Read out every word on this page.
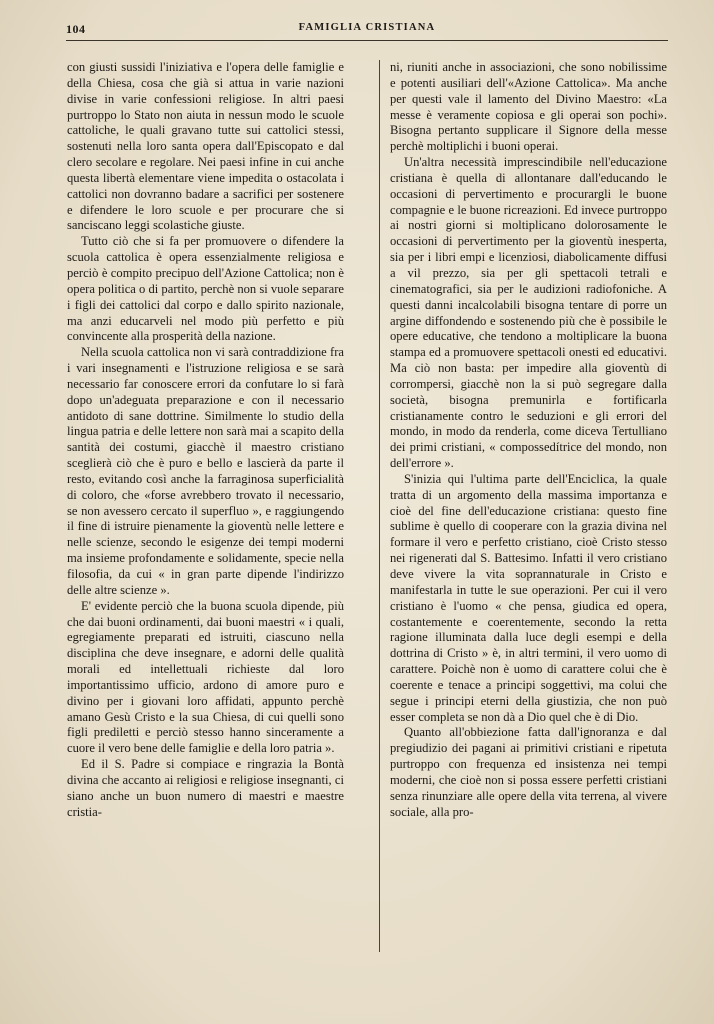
104	FAMIGLIA CRISTIANA

con giusti sussidi l'iniziativa e l'opera delle famiglie e della Chiesa, cosa che già si attua in varie nazioni divise in varie confessioni religiose. In altri paesi purtroppo lo Stato non aiuta in nessun modo le scuole cattoliche, le quali gravano tutte sui cattolici stessi, sostenuti nella loro santa opera dall'Episcopato e dal clero secolare e regolare. Nei paesi infine in cui anche questa libertà elementare viene impedita o ostacolata i cattolici non dovranno badare a sacrifici per sostenere e difendere le loro scuole e per procurare che si sanciscano leggi scolastiche giuste.

Tutto ciò che si fa per promuovere o difendere la scuola cattolica è opera essenzialmente religiosa e perciò è compito precipuo dell'Azione Cattolica; non è opera politica o di partito, perchè non si vuole separare i figli dei cattolici dal corpo e dallo spirito nazionale, ma anzi educarveli nel modo più perfetto e più convincente alla prosperità della nazione.

Nella scuola cattolica non vi sarà contraddizione fra i vari insegnamenti e l'istruzione religiosa e se sarà necessario far conoscere errori da confutare lo si farà dopo un'adeguata preparazione e con il necessario antidoto di sane dottrine. Similmente lo studio della lingua patria e delle lettere non sarà mai a scapito della santità dei costumi, giacchè il maestro cristiano sceglierà ciò che è puro e bello e lascierà da parte il resto, evitando così anche la farraginosa superficialità di coloro, che «forse avrebbero trovato il necessario, se non avessero cercato il superfluo », e raggiungendo il fine di istruire pienamente la gioventù nelle lettere e nelle scienze, secondo le esigenze dei tempi moderni ma insieme profondamente e solidamente, specie nella filosofia, da cui « in gran parte dipende l'indirizzo delle altre scienze ».

E' evidente perciò che la buona scuola dipende, più che dai buoni ordinamenti, dai buoni maestri « i quali, egregiamente preparati ed istruiti, ciascuno nella disciplina che deve insegnare, e adorni delle qualità morali ed intellettuali richieste dal loro importantissimo ufficio, ardono di amore puro e divino per i giovani loro affidati, appunto perchè amano Gesù Cristo e la sua Chiesa, di cui quelli sono figli prediletti e perciò stesso hanno sinceramente a cuore il vero bene delle famiglie e della loro patria ».

Ed il S. Padre si compiace e ringrazia la Bontà divina che accanto ai religiosi e religiose insegnanti, ci siano anche un buon numero di maestri e maestre cristia-

ni, riuniti anche in associazioni, che sono nobilissime e potenti ausiliari dell'«Azione Cattolica». Ma anche per questi vale il lamento del Divino Maestro: «La messe è veramente copiosa e gli operai son pochi». Bisogna pertanto supplicare il Signore della messe perchè moltiplichi i buoni operai.

Un'altra necessità imprescindibile nell'educazione cristiana è quella di allontanare dall'educando le occasioni di pervertimento e procurargli le buone compagnie e le buone ricreazioni. Ed invece purtroppo ai nostri giorni si moltiplicano dolorosamente le occasioni di pervertimento per la gioventù inesperta, sia per i libri empi e licenziosi, diabolicamente diffusi a vil prezzo, sia per gli spettacoli tetrali e cinematografici, sia per le audizioni radiofoniche. A questi danni incalcolabili bisogna tentare di porre un argine diffondendo e sostenendo più che è possibile le opere educative, che tendono a moltiplicare la buona stampa ed a promuovere spettacoli onesti ed educativi. Ma ciò non basta: per impedire alla gioventù di corrompersi, giacchè non la si può segregare dalla società, bisogna premunirla e fortificarla cristianamente contro le seduzioni e gli errori del mondo, in modo da renderla, come diceva Tertulliano dei primi cristiani, « compossedítrice del mondo, non dell'errore ».

S'inizia qui l'ultima parte dell'Enciclica, la quale tratta di un argomento della massima importanza e cioè del fine dell'educazione cristiana: questo fine sublime è quello di cooperare con la grazia divina nel formare il vero e perfetto cristiano, cioè Cristo stesso nei rigenerati dal S. Battesimo. Infatti il vero cristiano deve vivere la vita soprannaturale in Cristo e manifestarla in tutte le sue operazioni. Per cui il vero cristiano è l'uomo « che pensa, giudica ed opera, costantemente e coerentemente, secondo la retta ragione illuminata dalla luce degli esempi e della dottrina di Cristo » è, in altri termini, il vero uomo di carattere. Poichè non è uomo di carattere colui che è coerente e tenace a principi soggettivi, ma colui che segue i principi eterni della giustizia, che non può esser completa se non dà a Dio quel che è di Dio.

Quanto all'obbiezione fatta dall'ignoranza e dal pregiudizio dei pagani ai primitivi cristiani e ripetuta purtroppo con frequenza ed insistenza nei tempi moderni, che cioè non si possa essere perfetti cristiani senza rinunziare alle opere della vita terrena, al vivere sociale, alla pro-
